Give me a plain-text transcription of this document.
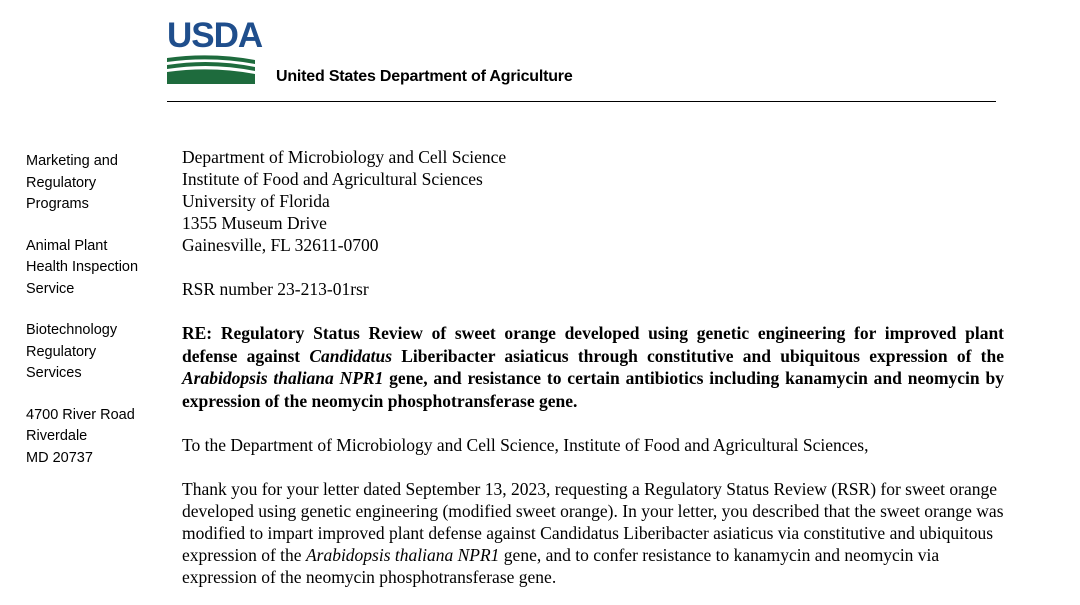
USDA
United States Department of Agriculture
Marketing and
Regulatory
Programs
Animal Plant
Health Inspection
Service
Biotechnology
Regulatory
Services
4700 River Road
Riverdale
MD 20737
Department of Microbiology and Cell Science
Institute of Food and Agricultural Sciences
University of Florida
1355 Museum Drive
Gainesville, FL 32611-0700
RSR number 23-213-01rsr
RE: Regulatory Status Review of sweet orange developed using genetic engineering for improved plant defense against Candidatus Liberibacter asiaticus through constitutive and ubiquitous expression of the Arabidopsis thaliana NPR1 gene, and resistance to certain antibiotics including kanamycin and neomycin by expression of the neomycin phosphotransferase gene.
To the Department of Microbiology and Cell Science, Institute of Food and Agricultural Sciences,
Thank you for your letter dated September 13, 2023, requesting a Regulatory Status Review (RSR) for sweet orange developed using genetic engineering (modified sweet orange). In your letter, you described that the sweet orange was modified to impart improved plant defense against Candidatus Liberibacter asiaticus via constitutive and ubiquitous expression of the Arabidopsis thaliana NPR1 gene, and to confer resistance to kanamycin and neomycin via expression of the neomycin phosphotransferase gene.
